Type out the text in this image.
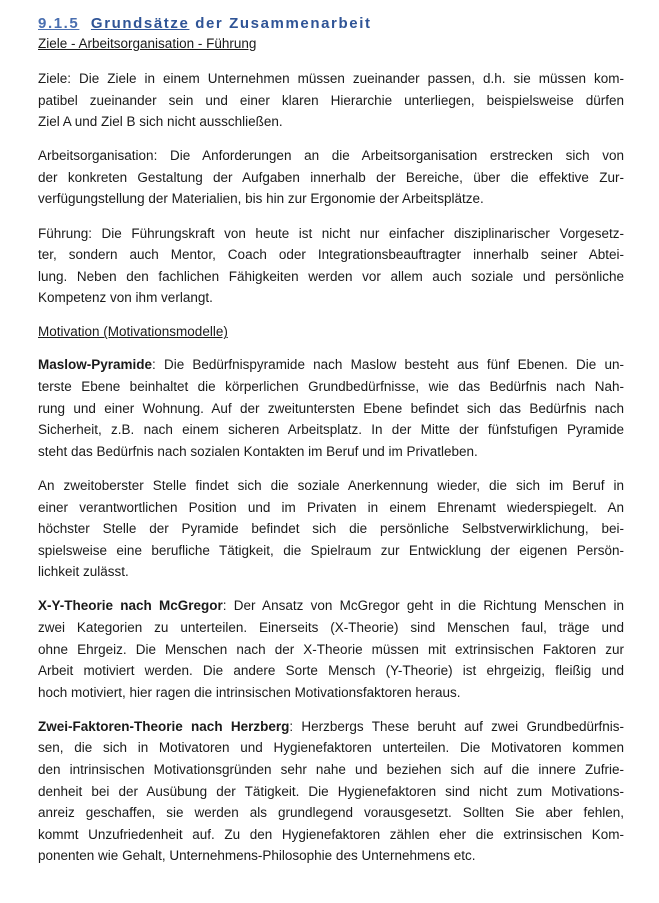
9.1.5 Grundsätze der Zusammenarbeit

Ziele - Arbeitsorganisation - Führung

Ziele: Die Ziele in einem Unternehmen müssen zueinander passen, d.h. sie müssen kom-
patibel zueinander sein und einer klaren Hierarchie unterliegen, beispielsweise dürfen
Ziel A und Ziel B sich nicht ausschließen.

Arbeitsorganisation: Die Anforderungen an die Arbeitsorganisation erstrecken sich von
der konkreten Gestaltung der Aufgaben innerhalb der Bereiche, über die effektive Zur-
verfügungstellung der Materialien, bis hin zur Ergonomie der Arbeitsplätze.

Führung: Die Führungskraft von heute ist nicht nur einfacher disziplinarischer Vorgesetz-
ter, sondern auch Mentor, Coach oder Integrationsbeauftragter innerhalb seiner Abtei-
lung. Neben den fachlichen Fähigkeiten werden vor allem auch soziale und persönliche
Kompetenz von ihm verlangt.

Motivation (Motivationsmodelle)

Maslow-Pyramide: Die Bedürfnispyramide nach Maslow besteht aus fünf Ebenen. Die un-
terste Ebene beinhaltet die körperlichen Grundbedürfnisse, wie das Bedürfnis nach Nah-
rung und einer Wohnung. Auf der zweituntersten Ebene befindet sich das Bedürfnis nach
Sicherheit, z.B. nach einem sicheren Arbeitsplatz. In der Mitte der fünfstufigen Pyramide
steht das Bedürfnis nach sozialen Kontakten im Beruf und im Privatleben.

An zweitoberster Stelle findet sich die soziale Anerkennung wieder, die sich im Beruf in
einer verantwortlichen Position und im Privaten in einem Ehrenamt wiederspiegelt. An
höchster Stelle der Pyramide befindet sich die persönliche Selbstverwirklichung, bei-
spielsweise eine berufliche Tätigkeit, die Spielraum zur Entwicklung der eigenen Persön-
lichkeit zulässt.

X-Y-Theorie nach McGregor: Der Ansatz von McGregor geht in die Richtung Menschen in
zwei Kategorien zu unterteilen. Einerseits (X-Theorie) sind Menschen faul, träge und
ohne Ehrgeiz. Die Menschen nach der X-Theorie müssen mit extrinsischen Faktoren zur
Arbeit motiviert werden. Die andere Sorte Mensch (Y-Theorie) ist ehrgeizig, fleißig und
hoch motiviert, hier ragen die intrinsischen Motivationsfaktoren heraus.

Zwei-Faktoren-Theorie nach Herzberg: Herzbergs These beruht auf zwei Grundbedürfnis-
sen, die sich in Motivatoren und Hygienefaktoren unterteilen. Die Motivatoren kommen
den intrinsischen Motivationsgründen sehr nahe und beziehen sich auf die innere Zufrie-
denheit bei der Ausübung der Tätigkeit. Die Hygienefaktoren sind nicht zum Motivations-
anreiz geschaffen, sie werden als grundlegend vorausgesetzt. Sollten Sie aber fehlen,
kommt Unzufriedenheit auf. Zu den Hygienefaktoren zählen eher die extrinsischen Kom-
ponenten wie Gehalt, Unternehmens-Philosophie des Unternehmens etc.
